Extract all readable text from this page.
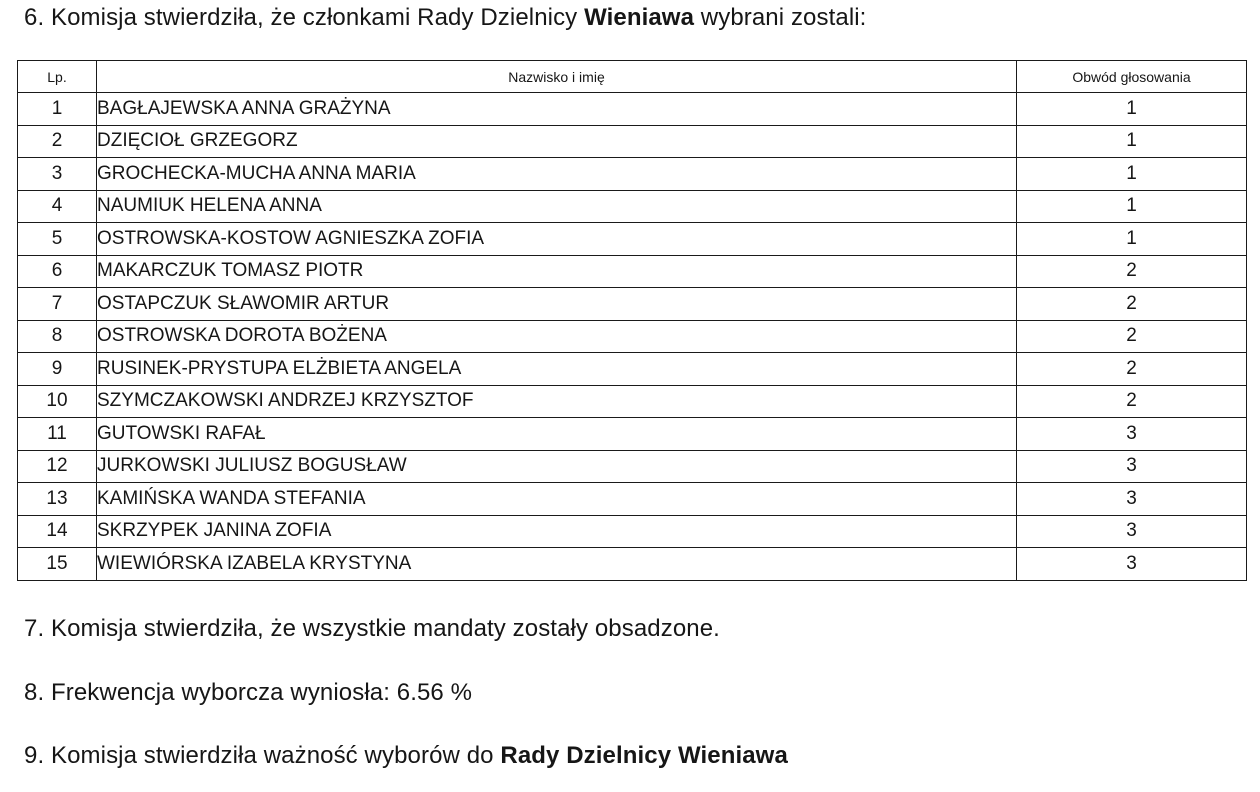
6. Komisja stwierdziła, że członkami Rady Dzielnicy Wieniawa wybrani zostali:
Lp.	Nazwisko i imię	Obwód głosowania
1	BAGŁAJEWSKA ANNA GRAŻYNA	1
2	DZIĘCIOŁ GRZEGORZ	1
3	GROCHECKA-MUCHA ANNA MARIA	1
4	NAUMIUK HELENA ANNA	1
5	OSTROWSKA-KOSTOW AGNIESZKA ZOFIA	1
6	MAKARCZUK TOMASZ PIOTR	2
7	OSTAPCZUK SŁAWOMIR ARTUR	2
8	OSTROWSKA DOROTA BOŻENA	2
9	RUSINEK-PRYSTUPA ELŻBIETA ANGELA	2
10	SZYMCZAKOWSKI ANDRZEJ KRZYSZTOF	2
11	GUTOWSKI RAFAŁ	3
12	JURKOWSKI JULIUSZ BOGUSŁAW	3
13	KAMIŃSKA WANDA STEFANIA	3
14	SKRZYPEK JANINA ZOFIA	3
15	WIEWIÓRSKA IZABELA KRYSTYNA	3
7. Komisja stwierdziła, że wszystkie mandaty zostały obsadzone.
8. Frekwencja wyborcza wyniosła: 6.56 %
9. Komisja stwierdziła ważność wyborów do Rady Dzielnicy Wieniawa
